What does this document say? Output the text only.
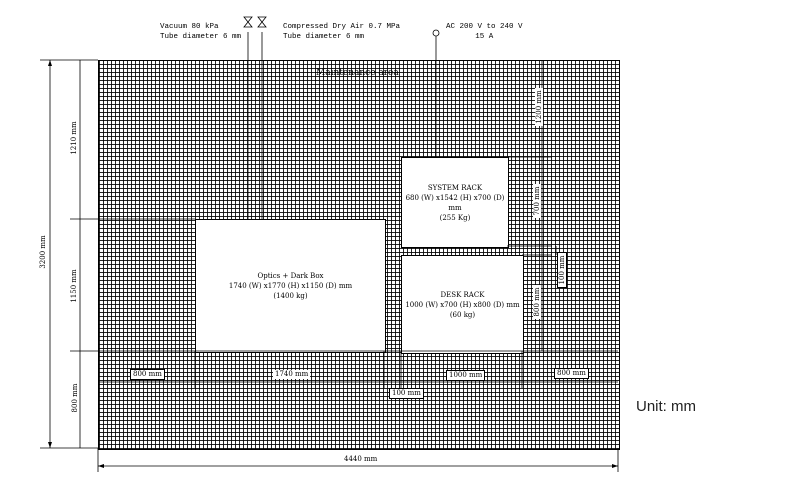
Vacuum 80 kPa
Tube diameter 6 mm
Compressed Dry Air 0.7 MPa
Tube diameter 6 mm
AC 200 V to 240 V
15 A
Maintenance area
Optics + Dark Box
1740 (W) x1770 (H) x1150 (D) mm
(1400 kg)
SYSTEM RACK
680 (W) x1542 (H) x700 (D) mm
(255 Kg)
DESK RACK
1000 (W) x700 (H) x800 (D) mm
(60 kg)
3200 mm
1210 mm
1150 mm
800 mm
4440 mm
800 mm	1740 mm
100 mm
1000 mm	800 mm
1200 mm
700 mm
100 mm
800 mm
Unit: mm
